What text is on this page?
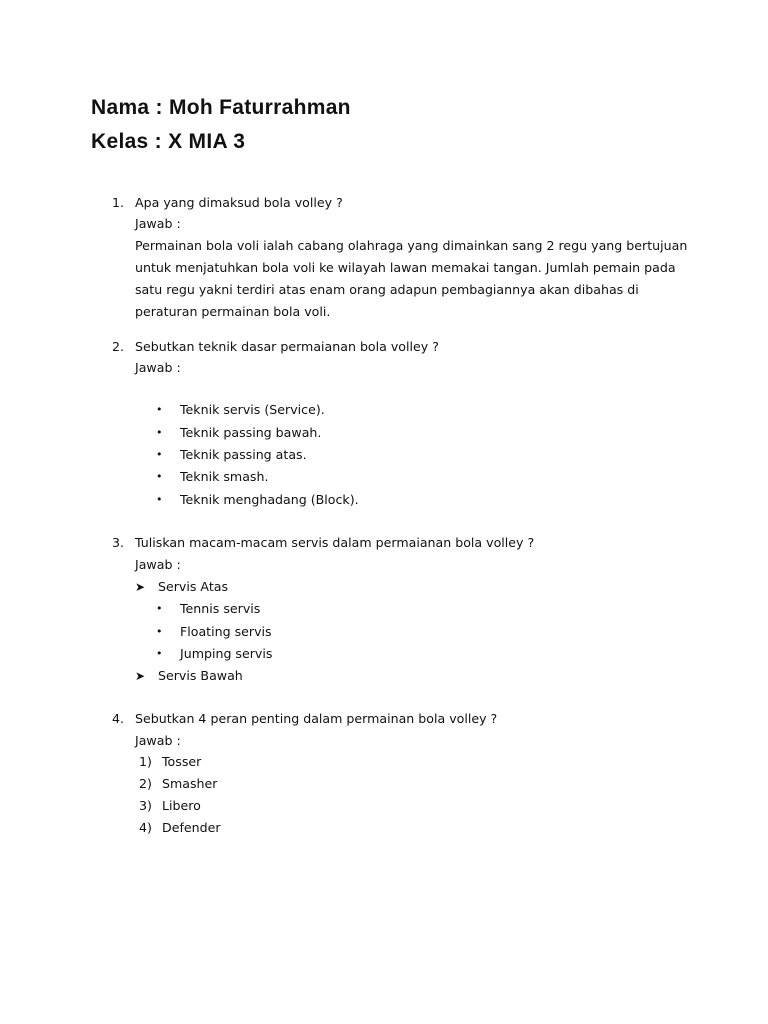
Nama : Moh Faturrahman
Kelas : X MIA 3
1. Apa yang dimaksud bola volley ?
Jawab :
Permainan bola voli ialah cabang olahraga yang dimainkan sang 2 regu yang bertujuan
untuk menjatuhkan bola voli ke wilayah lawan memakai tangan. Jumlah pemain pada
satu regu yakni terdiri atas enam orang adapun pembagiannya akan dibahas di
peraturan permainan bola voli.
2. Sebutkan teknik dasar permaianan bola volley ?
Jawab :
• Teknik servis (Service).
• Teknik passing bawah.
• Teknik passing atas.
• Teknik smash.
• Teknik menghadang (Block).
3. Tuliskan macam-macam servis dalam permaianan bola volley ?
Jawab :
➤ Servis Atas
• Tennis servis
• Floating servis
• Jumping servis
➤ Servis Bawah
4. Sebutkan 4 peran penting dalam permainan bola volley ?
Jawab :
1) Tosser
2) Smasher
3) Libero
4) Defender
